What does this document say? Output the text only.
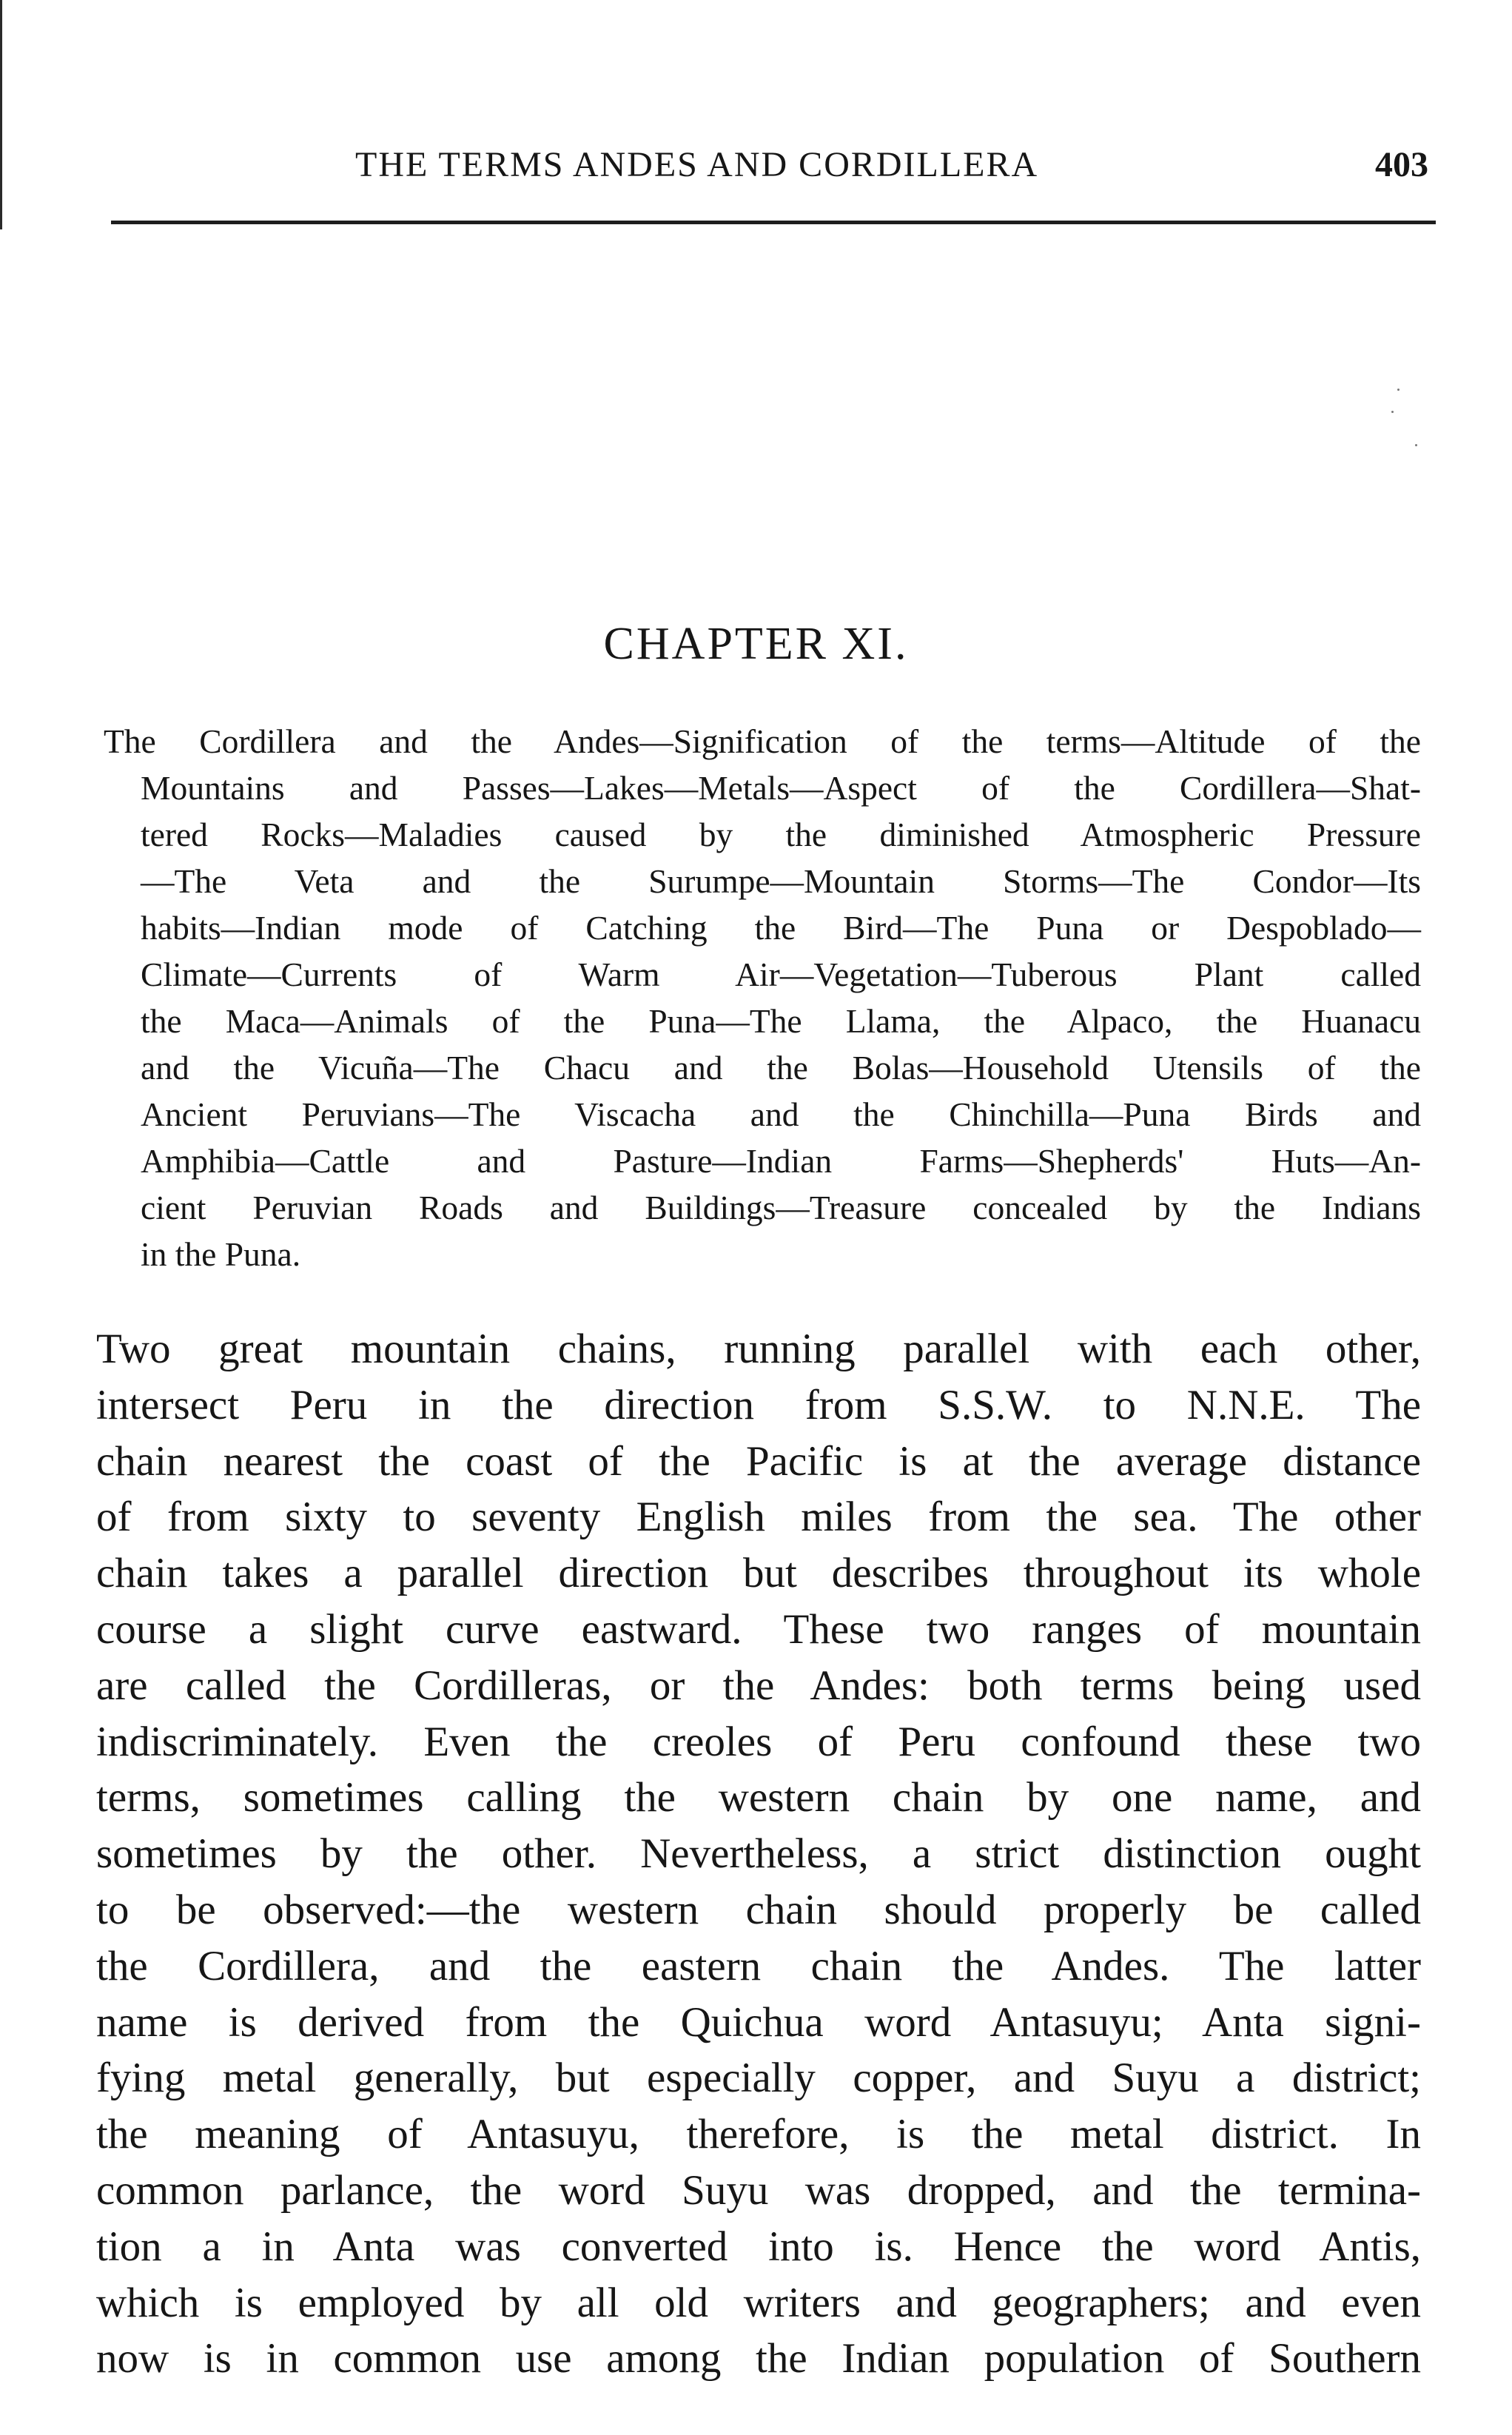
THE TERMS ANDES AND CORDILLERA	403
CHAPTER XI.
The Cordillera and the Andes—Signification of the terms—Altitude of the
Mountains and Passes—Lakes—Metals—Aspect of the Cordillera—Shat-
tered Rocks—Maladies caused by the diminished Atmospheric Pressure
—The Veta and the Surumpe—Mountain Storms—The Condor—Its
habits—Indian mode of Catching the Bird—The Puna or Despoblado—
Climate—Currents of Warm Air—Vegetation—Tuberous Plant called
the Maca—Animals of the Puna—The Llama, the Alpaco, the Huanacu
and the Vicuña—The Chacu and the Bolas—Household Utensils of the
Ancient Peruvians—The Viscacha and the Chinchilla—Puna Birds and
Amphibia—Cattle and Pasture—Indian Farms—Shepherds' Huts—An-
cient Peruvian Roads and Buildings—Treasure concealed by the Indians
in the Puna.
Two great mountain chains, running parallel with each other,
intersect Peru in the direction from S.S.W. to N.N.E. The
chain nearest the coast of the Pacific is at the average distance
of from sixty to seventy English miles from the sea. The other
chain takes a parallel direction but describes throughout its whole
course a slight curve eastward. These two ranges of mountain
are called the Cordilleras, or the Andes: both terms being used
indiscriminately. Even the creoles of Peru confound these two
terms, sometimes calling the western chain by one name, and
sometimes by the other. Nevertheless, a strict distinction ought
to be observed:—the western chain should properly be called
the Cordillera, and the eastern chain the Andes. The latter
name is derived from the Quichua word Antasuyu; Anta signi-
fying metal generally, but especially copper, and Suyu a district;
the meaning of Antasuyu, therefore, is the metal district. In
common parlance, the word Suyu was dropped, and the termina-
tion a in Anta was converted into is. Hence the word Antis,
which is employed by all old writers and geographers; and even
now is in common use among the Indian population of Southern
